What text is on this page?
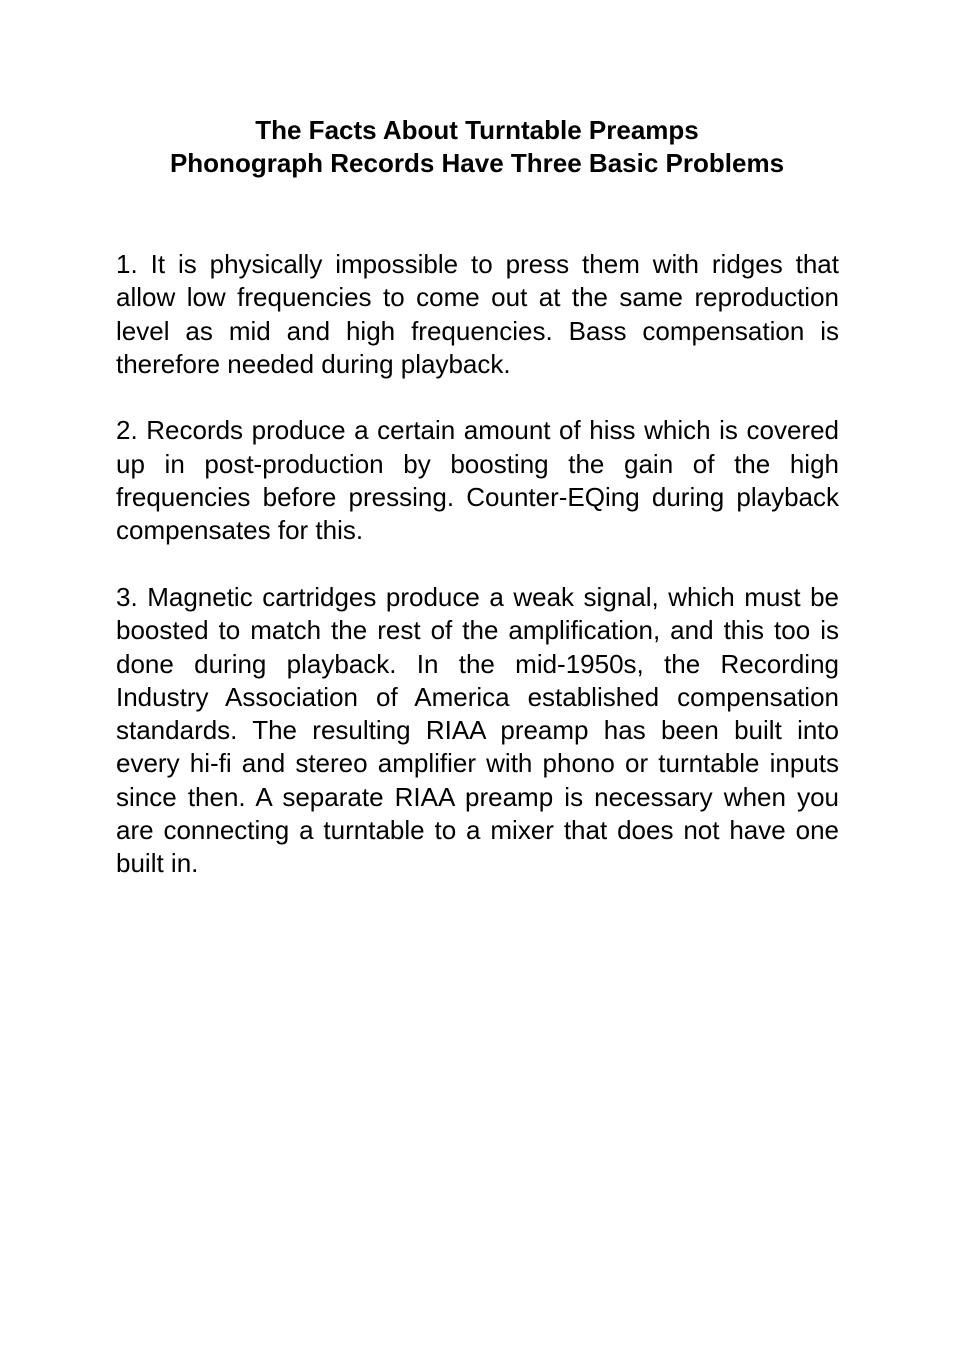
The Facts About Turntable Preamps
Phonograph Records Have Three Basic Problems

1. It is physically impossible to press them with ridges that allow low frequencies to come out at the same reproduction level as mid and high frequencies. Bass compensation is therefore needed during playback.

2. Records produce a certain amount of hiss which is covered up in post-production by boosting the gain of the high frequencies before pressing. Counter-EQing during playback compensates for this.

3. Magnetic cartridges produce a weak signal, which must be boosted to match the rest of the amplification, and this too is done during playback. In the mid-1950s, the Recording Industry Association of America established compensation standards. The resulting RIAA preamp has been built into every hi-fi and stereo amplifier with phono or turntable inputs since then. A separate RIAA preamp is necessary when you are connecting a turntable to a mixer that does not have one built in.
